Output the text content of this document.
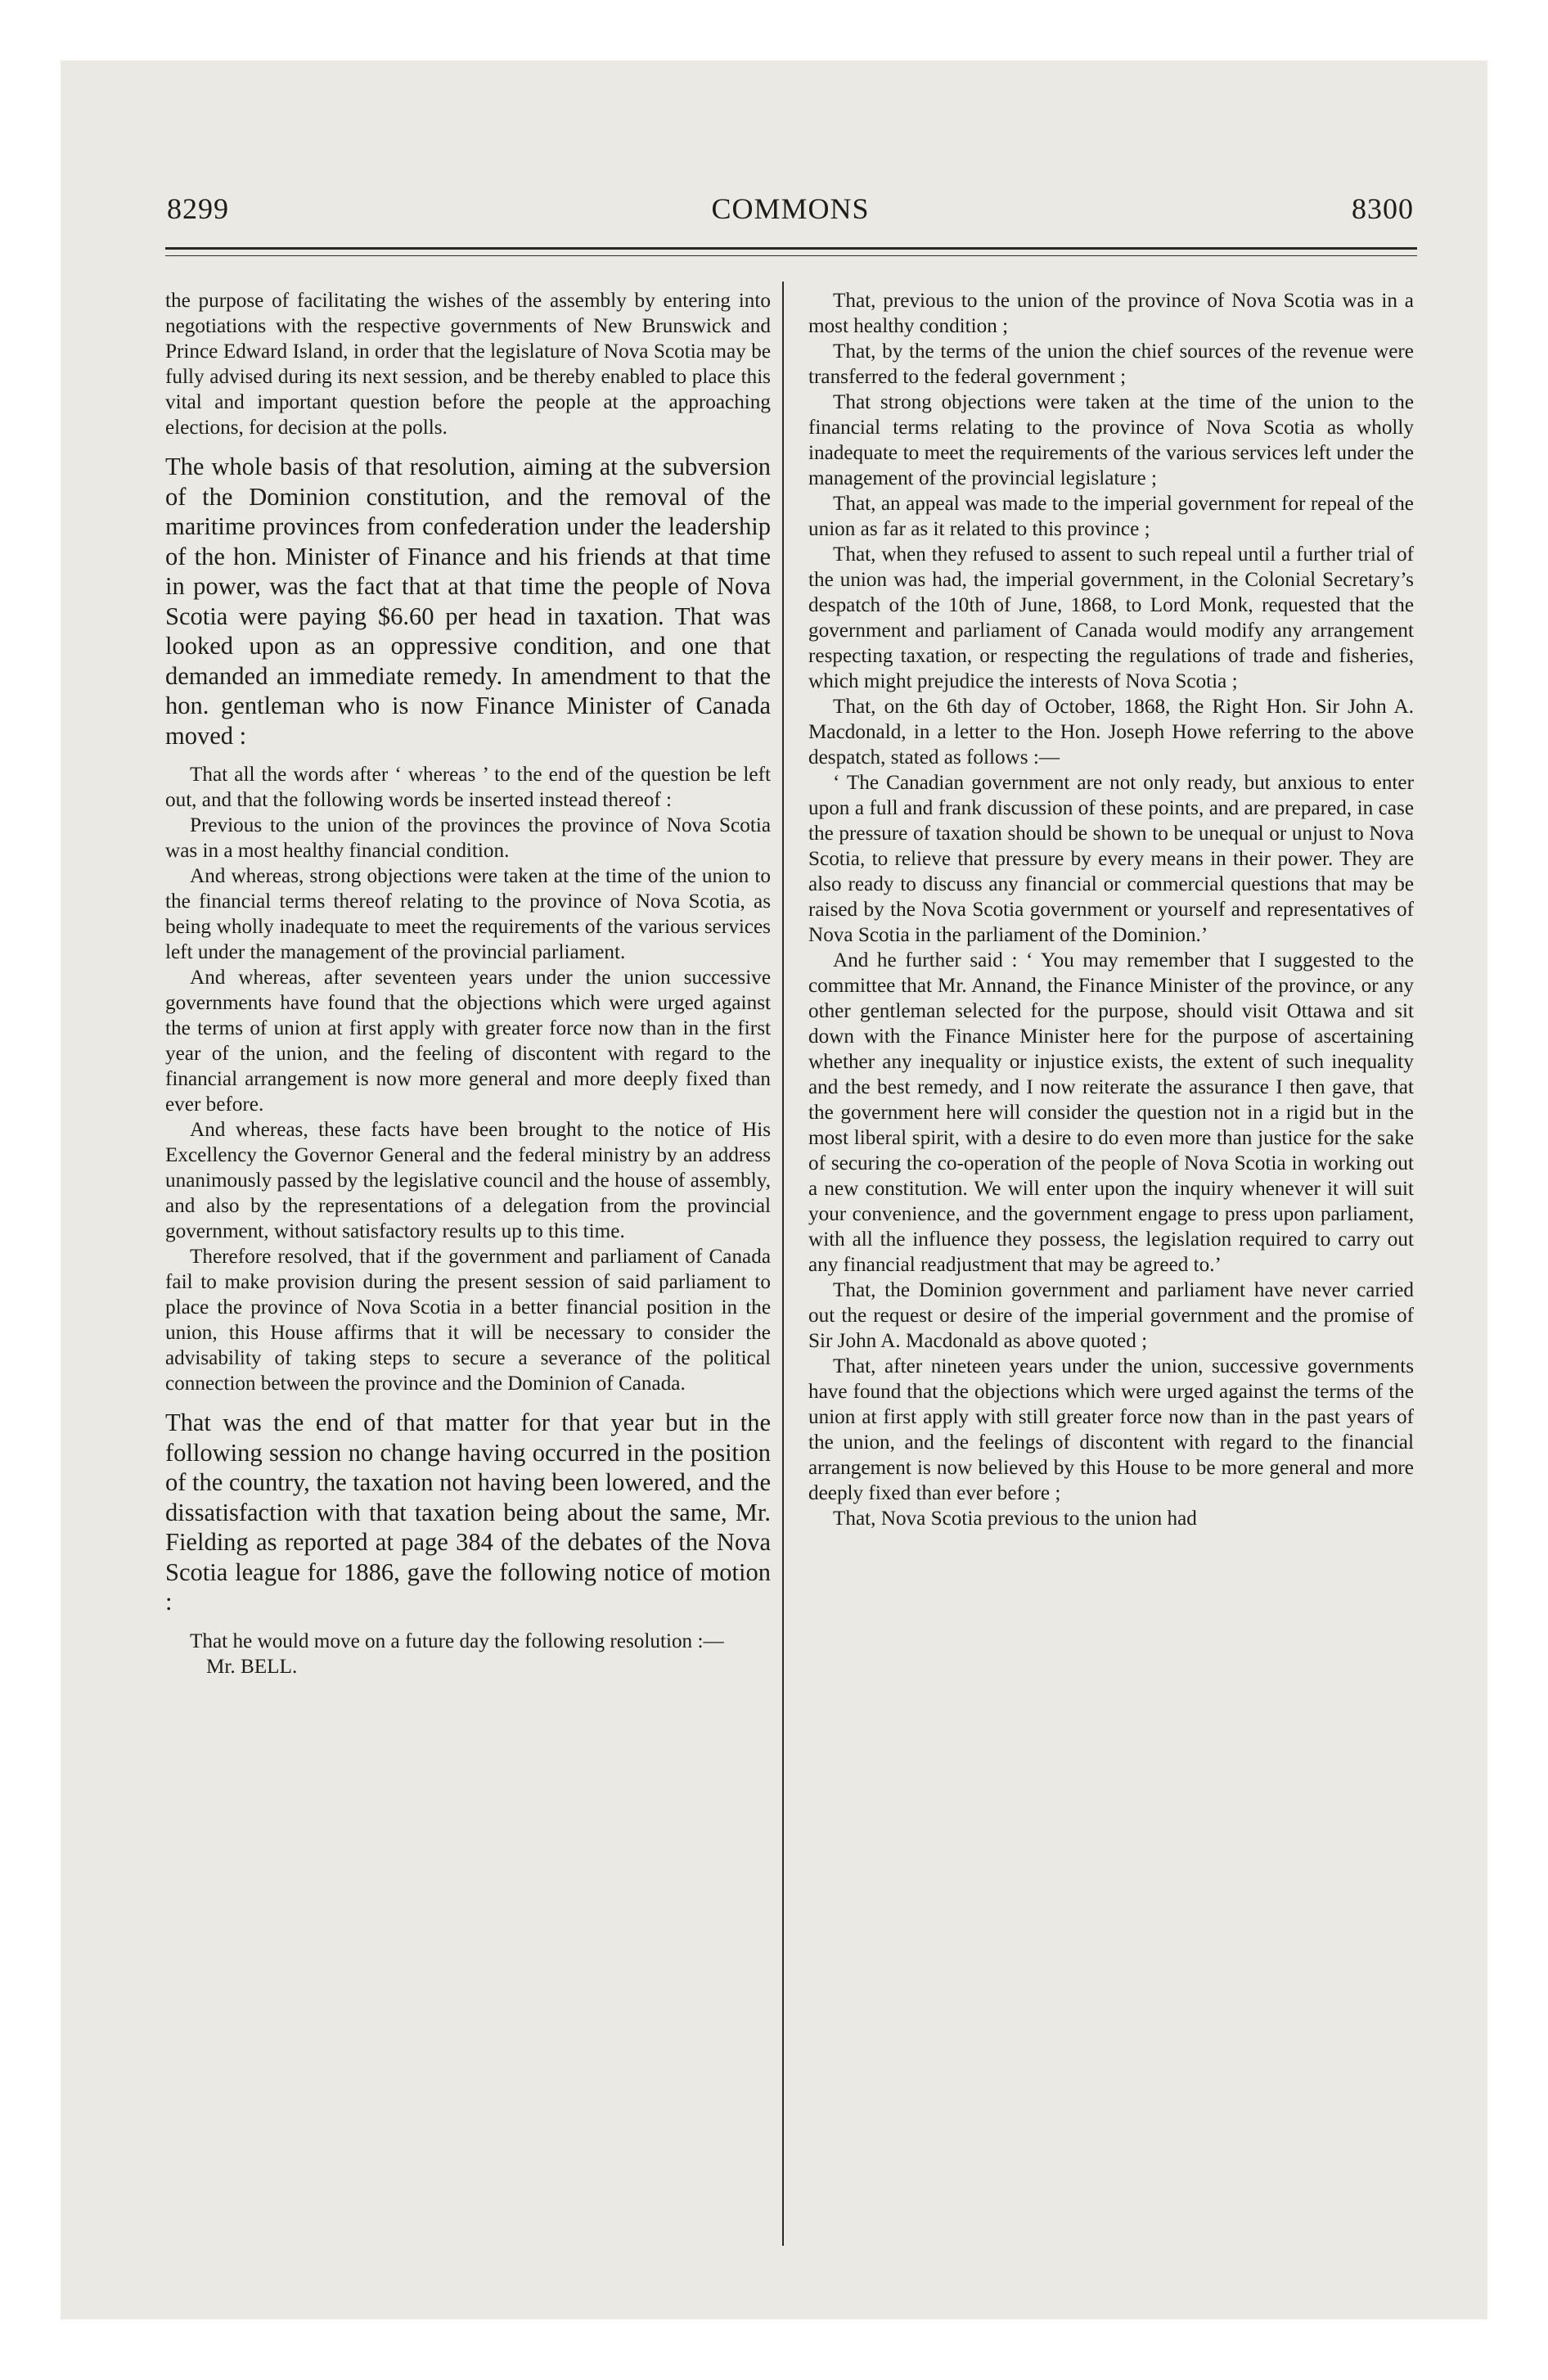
8299	COMMONS	8300

the purpose of facilitating the wishes of the assembly by entering into negotiations with the respective governments of New Brunswick and Prince Edward Island, in order that the legislature of Nova Scotia may be fully advised during its next session, and be thereby enabled to place this vital and important question before the people at the approaching elections, for decision at the polls.

The whole basis of that resolution, aiming at the subversion of the Dominion constitution, and the removal of the maritime provinces from confederation under the leadership of the hon. Minister of Finance and his friends at that time in power, was the fact that at that time the people of Nova Scotia were paying $6.60 per head in taxation. That was looked upon as an oppressive condition, and one that demanded an immediate remedy. In amendment to that the hon. gentleman who is now Finance Minister of Canada moved :

That all the words after ‘ whereas ’ to the end of the question be left out, and that the following words be inserted instead thereof :

Previous to the union of the provinces the province of Nova Scotia was in a most healthy financial condition.

And whereas, strong objections were taken at the time of the union to the financial terms thereof relating to the province of Nova Scotia, as being wholly inadequate to meet the requirements of the various services left under the management of the provincial parliament.

And whereas, after seventeen years under the union successive governments have found that the objections which were urged against the terms of union at first apply with greater force now than in the first year of the union, and the feeling of discontent with regard to the financial arrangement is now more general and more deeply fixed than ever before.

And whereas, these facts have been brought to the notice of His Excellency the Governor General and the federal ministry by an address unanimously passed by the legislative council and the house of assembly, and also by the representations of a delegation from the provincial government, without satisfactory results up to this time.

Therefore resolved, that if the government and parliament of Canada fail to make provision during the present session of said parliament to place the province of Nova Scotia in a better financial position in the union, this House affirms that it will be necessary to consider the advisability of taking steps to secure a severance of the political connection between the province and the Dominion of Canada.

That was the end of that matter for that year but in the following session no change having occurred in the position of the country, the taxation not having been lowered, and the dissatisfaction with that taxation being about the same, Mr. Fielding as reported at page 384 of the debates of the Nova Scotia league for 1886, gave the following notice of motion :

That he would move on a future day the following resolution :—

Mr. BELL.

That, previous to the union of the province of Nova Scotia was in a most healthy condition ;

That, by the terms of the union the chief sources of the revenue were transferred to the federal government ;

That strong objections were taken at the time of the union to the financial terms relating to the province of Nova Scotia as wholly inadequate to meet the requirements of the various services left under the management of the provincial legislature ;

That, an appeal was made to the imperial government for repeal of the union as far as it related to this province ;

That, when they refused to assent to such repeal until a further trial of the union was had, the imperial government, in the Colonial Secretary’s despatch of the 10th of June, 1868, to Lord Monk, requested that the government and parliament of Canada would modify any arrangement respecting taxation, or respecting the regulations of trade and fisheries, which might prejudice the interests of Nova Scotia ;

That, on the 6th day of October, 1868, the Right Hon. Sir John A. Macdonald, in a letter to the Hon. Joseph Howe referring to the above despatch, stated as follows :—

‘ The Canadian government are not only ready, but anxious to enter upon a full and frank discussion of these points, and are prepared, in case the pressure of taxation should be shown to be unequal or unjust to Nova Scotia, to relieve that pressure by every means in their power. They are also ready to discuss any financial or commercial questions that may be raised by the Nova Scotia government or yourself and representatives of Nova Scotia in the parliament of the Dominion.’

And he further said : ‘ You may remember that I suggested to the committee that Mr. Annand, the Finance Minister of the province, or any other gentleman selected for the purpose, should visit Ottawa and sit down with the Finance Minister here for the purpose of ascertaining whether any inequality or injustice exists, the extent of such inequality and the best remedy, and I now reiterate the assurance I then gave, that the government here will consider the question not in a rigid but in the most liberal spirit, with a desire to do even more than justice for the sake of securing the co-operation of the people of Nova Scotia in working out a new constitution. We will enter upon the inquiry whenever it will suit your convenience, and the government engage to press upon parliament, with all the influence they possess, the legislation required to carry out any financial readjustment that may be agreed to.’

That, the Dominion government and parliament have never carried out the request or desire of the imperial government and the promise of Sir John A. Macdonald as above quoted ;

That, after nineteen years under the union, successive governments have found that the objections which were urged against the terms of the union at first apply with still greater force now than in the past years of the union, and the feelings of discontent with regard to the financial arrangement is now believed by this House to be more general and more deeply fixed than ever before ;

That, Nova Scotia previous to the union had
